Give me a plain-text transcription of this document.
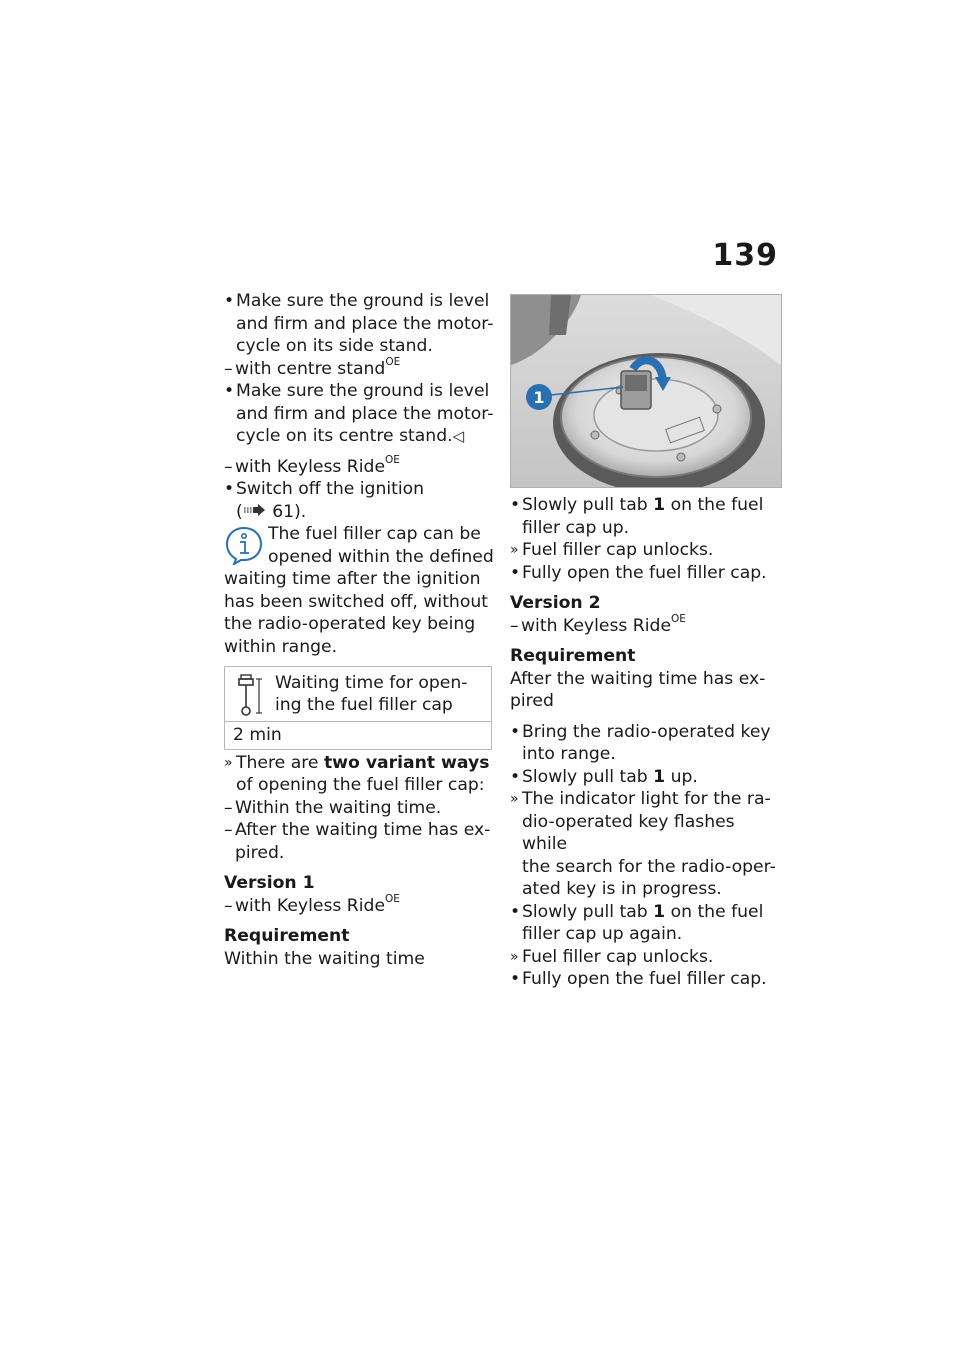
139
• Make sure the ground is level
and firm and place the motor-
cycle on its side stand.
– with centre stand$^{OE}$
• Make sure the ground is level
and firm and place the motor-
cycle on its centre stand.◁
– with Keyless Ride$^{OE}$
• Switch off the ignition
( 61).
The fuel filler cap can be
opened within the defined
waiting time after the ignition
has been switched off, without
the radio-operated key being
within range.
Waiting time for open-
ing the fuel filler cap

2 min
» There are two variant ways
of opening the fuel filler cap:
– Within the waiting time.
– After the waiting time has ex-
pired.
Version 1
– with Keyless Ride$^{OE}$
Requirement
Within the waiting time
1
• Slowly pull tab 1 on the fuel
filler cap up.
» Fuel filler cap unlocks.
• Fully open the fuel filler cap.
Version 2
– with Keyless Ride$^{OE}$
Requirement
After the waiting time has ex-
pired
• Bring the radio-operated key
into range.
• Slowly pull tab 1 up.
» The indicator light for the ra-
dio-operated key flashes while
the search for the radio-oper-
ated key is in progress.
• Slowly pull tab 1 on the fuel
filler cap up again.
» Fuel filler cap unlocks.
• Fully open the fuel filler cap.
